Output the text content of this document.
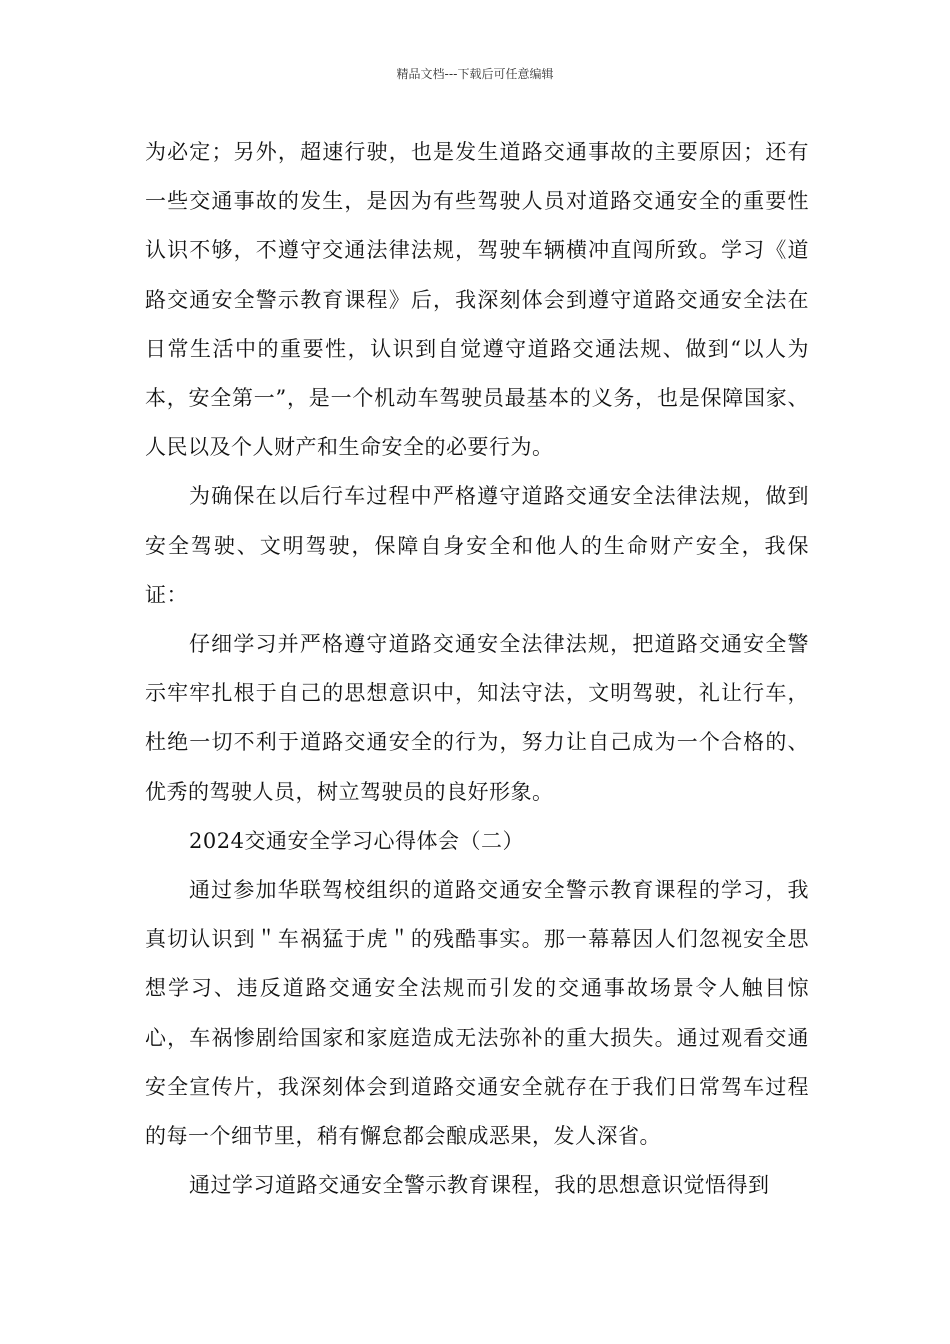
精品文档---下载后可任意编辑

为必定；另外，超速行驶，也是发生道路交通事故的主要原因；还有一些交通事故的发生，是因为有些驾驶人员对道路交通安全的重要性认识不够，不遵守交通法律法规，驾驶车辆横冲直闯所致。学习《道路交通安全警示教育课程》后，我深刻体会到遵守道路交通安全法在日常生活中的重要性，认识到自觉遵守道路交通法规、做到“以人为本，安全第一”，是一个机动车驾驶员最基本的义务，也是保障国家、人民以及个人财产和生命安全的必要行为。

为确保在以后行车过程中严格遵守道路交通安全法律法规，做到安全驾驶、文明驾驶，保障自身安全和他人的生命财产安全，我保证：

仔细学习并严格遵守道路交通安全法律法规，把道路交通安全警示牢牢扎根于自己的思想意识中，知法守法，文明驾驶，礼让行车，杜绝一切不利于道路交通安全的行为，努力让自己成为一个合格的、优秀的驾驶人员，树立驾驶员的良好形象。

2024交通安全学习心得体会（二）

通过参加华联驾校组织的道路交通安全警示教育课程的学习，我真切认识到＂车祸猛于虎＂的残酷事实。那一幕幕因人们忽视安全思想学习、违反道路交通安全法规而引发的交通事故场景令人触目惊心，车祸惨剧给国家和家庭造成无法弥补的重大损失。通过观看交通安全宣传片，我深刻体会到道路交通安全就存在于我们日常驾车过程的每一个细节里，稍有懈怠都会酿成恶果，发人深省。

通过学习道路交通安全警示教育课程，我的思想意识觉悟得到
